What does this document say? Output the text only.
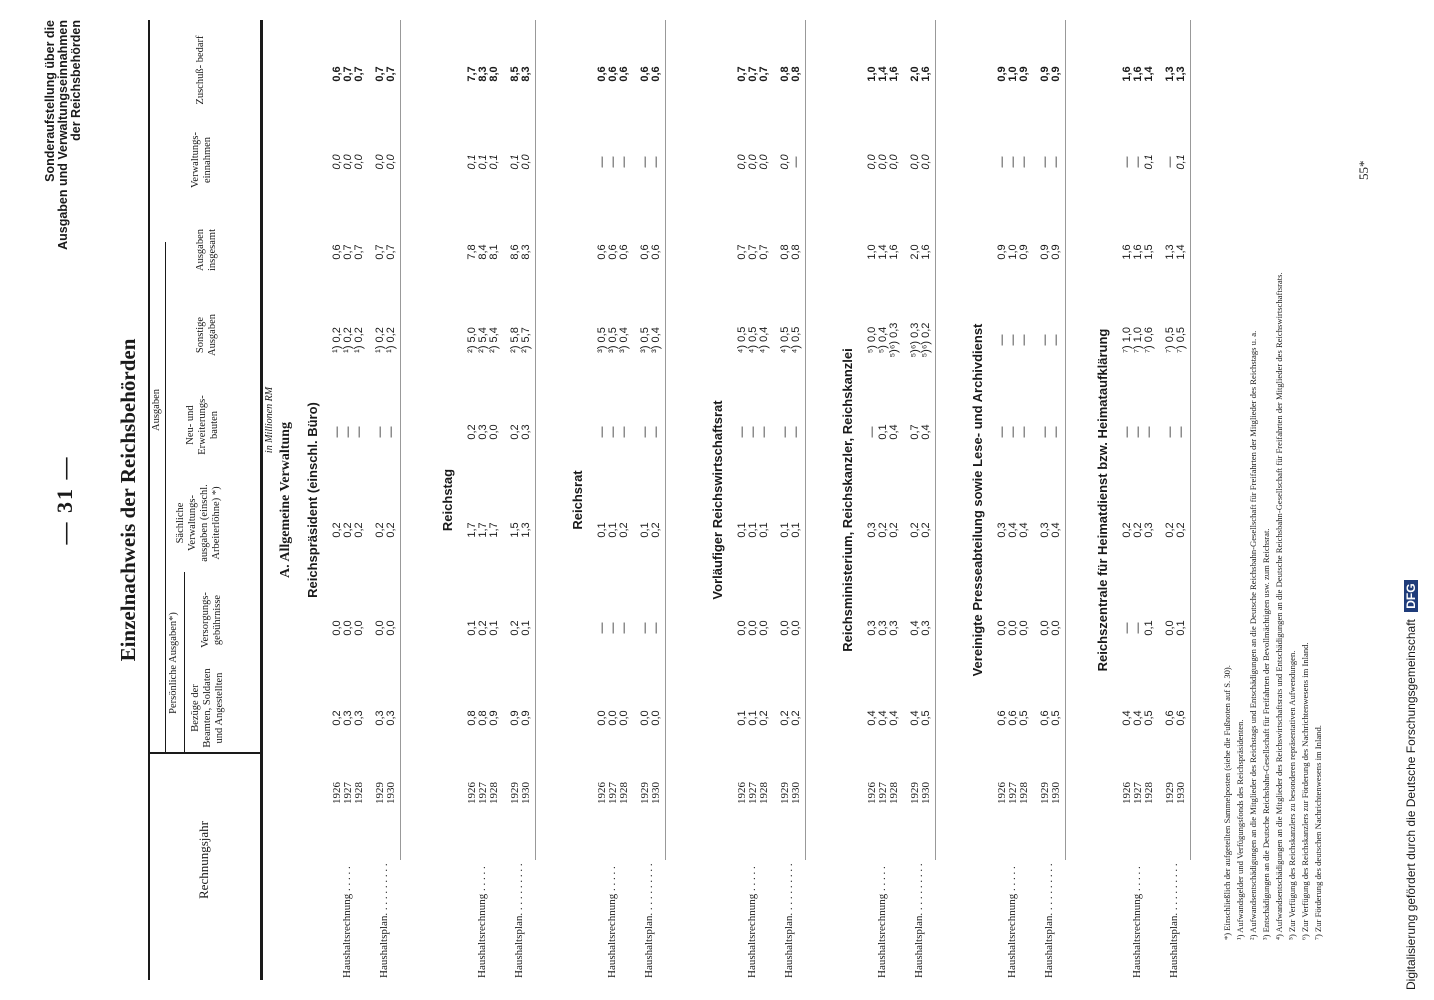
— 31 —
Sonderaufstellung über die Ausgaben und Verwaltungseinnahmen der Reichsbehörden
Einzelnachweis der Reichsbehörden
Rechnungsjahr
Ausgaben
Persönliche Ausgaben*) Bezüge der Beamten, Soldaten und Angestellten
Versorgungs- gebührnisse
Sächliche Verwaltungs- ausgaben (einschl. Arbeiterlöhne) *)
Neu- und Erweiterungs- bauten
Sonstige Ausgaben
Ausgaben insgesamt
Verwaltungs- einnahmen
Zuschuß- bedarf
in Millionen RM
A. Allgemeine Verwaltung Reichspräsident (einschl. Büro)
Haushaltsrechnung . . . . .
1926
0,2
0,0
0,2
—
¹) 0,2
0,6
0,0
0,6
1927
0,3
0,0
0,2
—
¹) 0,2
0,7
0,0
0,7
1928
0,3
0,0
0,2
—
¹) 0,2
0,7
0,0
0,7
Haushaltsplan. . . . . . . . . .
1929
0,3
0,0
0,2
—
¹) 0,2
0,7
0,0
0,7
1930
0,3
0,0
0,2
—
¹) 0,2
0,7
0,0
0,7
Reichstag
Haushaltsrechnung . . . . .
1926
0,8
0,1
1,7
0,2
²) 5,0
7,8
0,1
7,7
1927
0,8
0,2
1,7
0,3
²) 5,4
8,4
0,1
8,3
1928
0,9
0,1
1,7
0,0
²) 5,4
8,1
0,1
8,0
Haushaltsplan. . . . . . . . . .
1929
0,9
0,2
1,5
0,2
²) 5,8
8,6
0,1
8,5
1930
0,9
0,1
1,3
0,3
²) 5,7
8,3
0,0
8,3
Reichsrat
Haushaltsrechnung . . . . .
1926
0,0
—
0,1
—
³) 0,5
0,6
—
0,6
1927
0,0
—
0,1
—
³) 0,5
0,6
—
0,6
1928
0,0
—
0,2
—
³) 0,4
0,6
—
0,6
Haushaltsplan. . . . . . . . . .
1929
0,0
—
0,1
—
³) 0,5
0,6
—
0,6
1930
0,0
—
0,2
—
³) 0,4
0,6
—
0,6
Vorläufiger Reichswirtschaftsrat
Haushaltsrechnung . . . . .
1926
0,1
0,0
0,1
—
⁴) 0,5
0,7
0,0
0,7
1927
0,1
0,0
0,1
—
⁴) 0,5
0,7
0,0
0,7
1928
0,2
0,0
0,1
—
⁴) 0,4
0,7
0,0
0,7
Haushaltsplan. . . . . . . . . .
1929
0,2
0,0
0,1
—
⁴) 0,5
0,8
0,0
0,8
1930
0,2
0,0
0,1
—
⁴) 0,5
0,8
—
0,8
Reichsministerium, Reichskanzler, Reichskanzlei
Haushaltsrechnung . . . . .
1926
0,4
0,3
0,3
—
⁵) 0,0
1,0
0,0
1,0
1927
0,4
0,3
0,2
0,1
⁵) 0,4
1,4
0,0
1,4
1928
0,4
0,3
0,2
0,4
⁵)⁶) 0,3
1,6
0,0
1,6
Haushaltsplan. . . . . . . . . .
1929
0,4
0,4
0,2
0,7
⁵)⁶) 0,3
2,0
0,0
2,0
1930
0,5
0,3
0,2
0,4
⁵)⁶) 0,2
1,6
0,0
1,6
Vereinigte Presseabteilung sowie Lese- und Archivdienst
Haushaltsrechnung . . . . .
1926
0,6
0,0
0,3
—
—
0,9
—
0,9
1927
0,6
0,0
0,4
—
—
1,0
—
1,0
1928
0,5
0,0
0,4
—
—
0,9
—
0,9
Haushaltsplan. . . . . . . . . .
1929
0,6
0,0
0,3
—
—
0,9
—
0,9
1930
0,5
0,0
0,4
—
—
0,9
—
0,9
Reichszentrale für Heimatdienst bzw. Heimataufklärung
Haushaltsrechnung . . . . .
1926
0,4
—
0,2
—
⁷) 1,0
1,6
—
1,6
1927
0,4
—
0,2
—
⁷) 1,0
1,6
—
1,6
1928
0,5
0,1
0,3
—
⁷) 0,6
1,5
0,1
1,4
Haushaltsplan. . . . . . . . . .
1929
0,6
0,0
0,2
—
⁷) 0,5
1,3
—
1,3
1930
0,6
0,1
0,2
—
⁷) 0,5
1,4
0,1
1,3
*) Einschließlich der aufgeteilten Sammelposten (siehe die Fußnoten auf S. 30). ¹) Aufwandsgelder und Verfügungsfonds des Reichspräsidenten. ²) Aufwandsentschädigungen an die Mitglieder des Reichstags und Entschädigungen an die Deutsche Reichsbahn-Gesellschaft für Freifahrten der Mitglieder des Reichstags u. a. ³) Entschädigungen an die Deutsche Reichsbahn-Gesellschaft für Freifahrten der Bevollmächtigten usw. zum Reichsrat. ⁴) Aufwandsentschädigungen an die Mitglieder des Reichswirtschaftsrats und Entschädigungen an die Deutsche Reichsbahn-Gesellschaft für Freifahrten der Mitglieder des Reichswirtschaftsrats. ⁵) Zur Verfügung des Reichskanzlers zu besonderen repräsentativen Aufwendungen. ⁶) Zur Verfügung des Reichskanzlers zur Förderung des Nachrichtenwesens im Inland. ⁷) Zur Förderung des deutschen Nachrichtenwesens im Inland.
55*
Digitalisierung gefördert durch die Deutsche Forschungsgemeinschaft DFG
